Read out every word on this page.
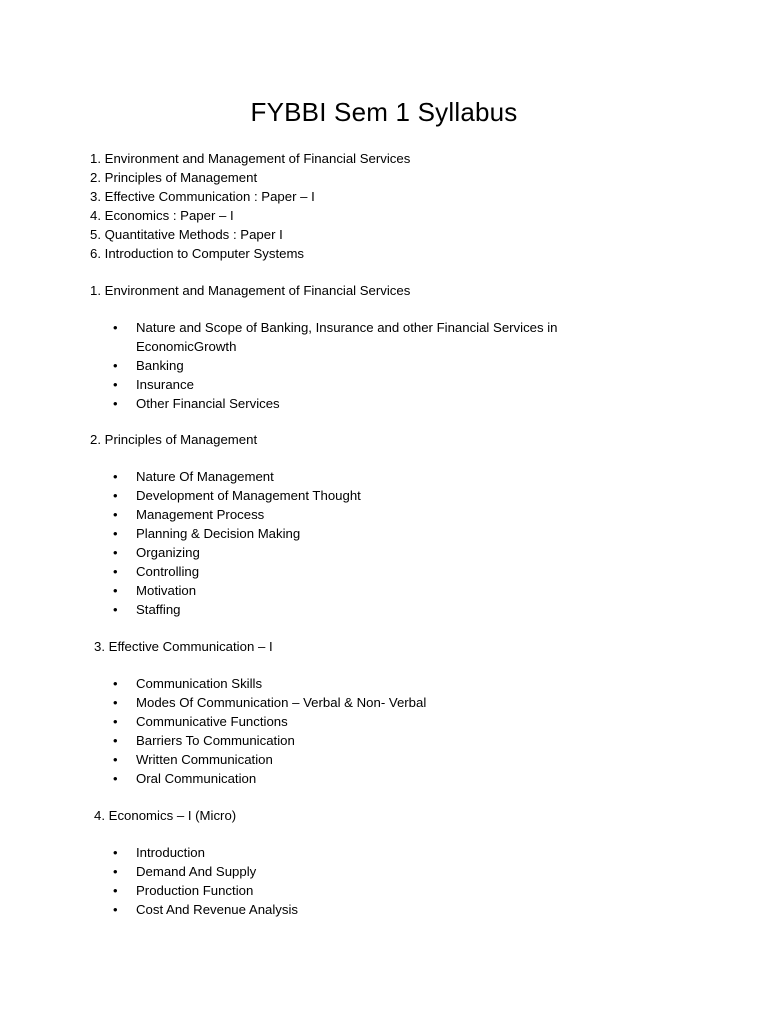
FYBBI Sem 1 Syllabus
1. Environment and Management of Financial Services
2. Principles of Management
3. Effective Communication : Paper – I
4. Economics : Paper – I
5. Quantitative Methods : Paper I
6. Introduction to Computer Systems
1. Environment and Management of Financial Services
• Nature and Scope of Banking, Insurance and other Financial Services in EconomicGrowth
• Banking
• Insurance
• Other Financial Services
2. Principles of Management
• Nature Of Management
• Development of Management Thought
• Management Process
• Planning & Decision Making
• Organizing
• Controlling
• Motivation
• Staffing
3. Effective Communication – I
• Communication Skills
• Modes Of Communication – Verbal & Non- Verbal
• Communicative Functions
• Barriers To Communication
• Written Communication
• Oral Communication
4. Economics – I (Micro)
• Introduction
• Demand And Supply
• Production Function
• Cost And Revenue Analysis
